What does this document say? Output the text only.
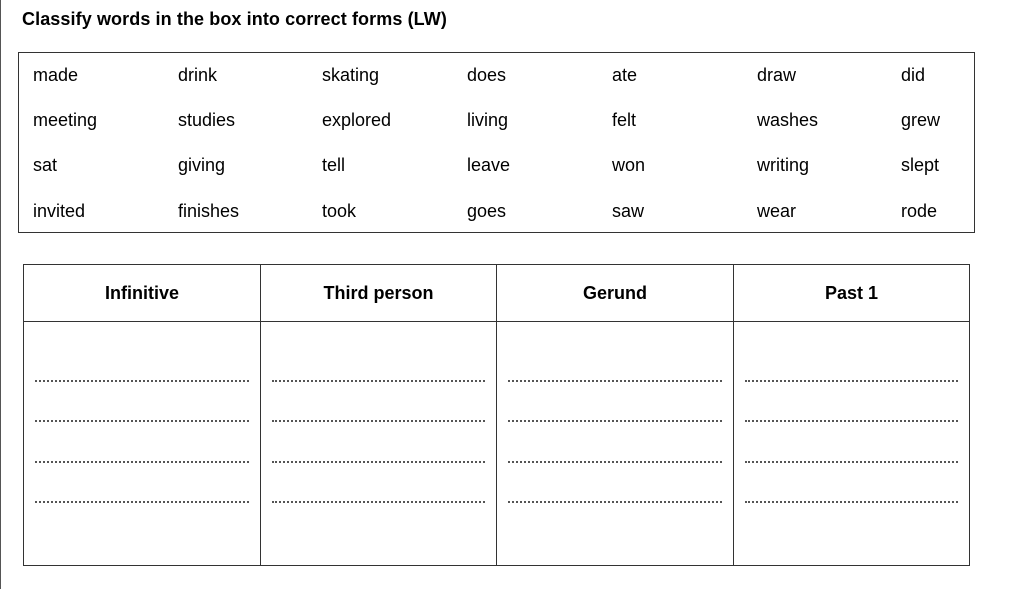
Classify words in the box into correct forms (LW)
made	drink	skating	does	ate	draw	did
meeting	studies	explored	living	felt	washes	grew
sat	giving	tell	leave	won	writing	slept
invited	finishes	took	goes	saw	wear	rode
Infinitive	Third person	Gerund	Past 1
